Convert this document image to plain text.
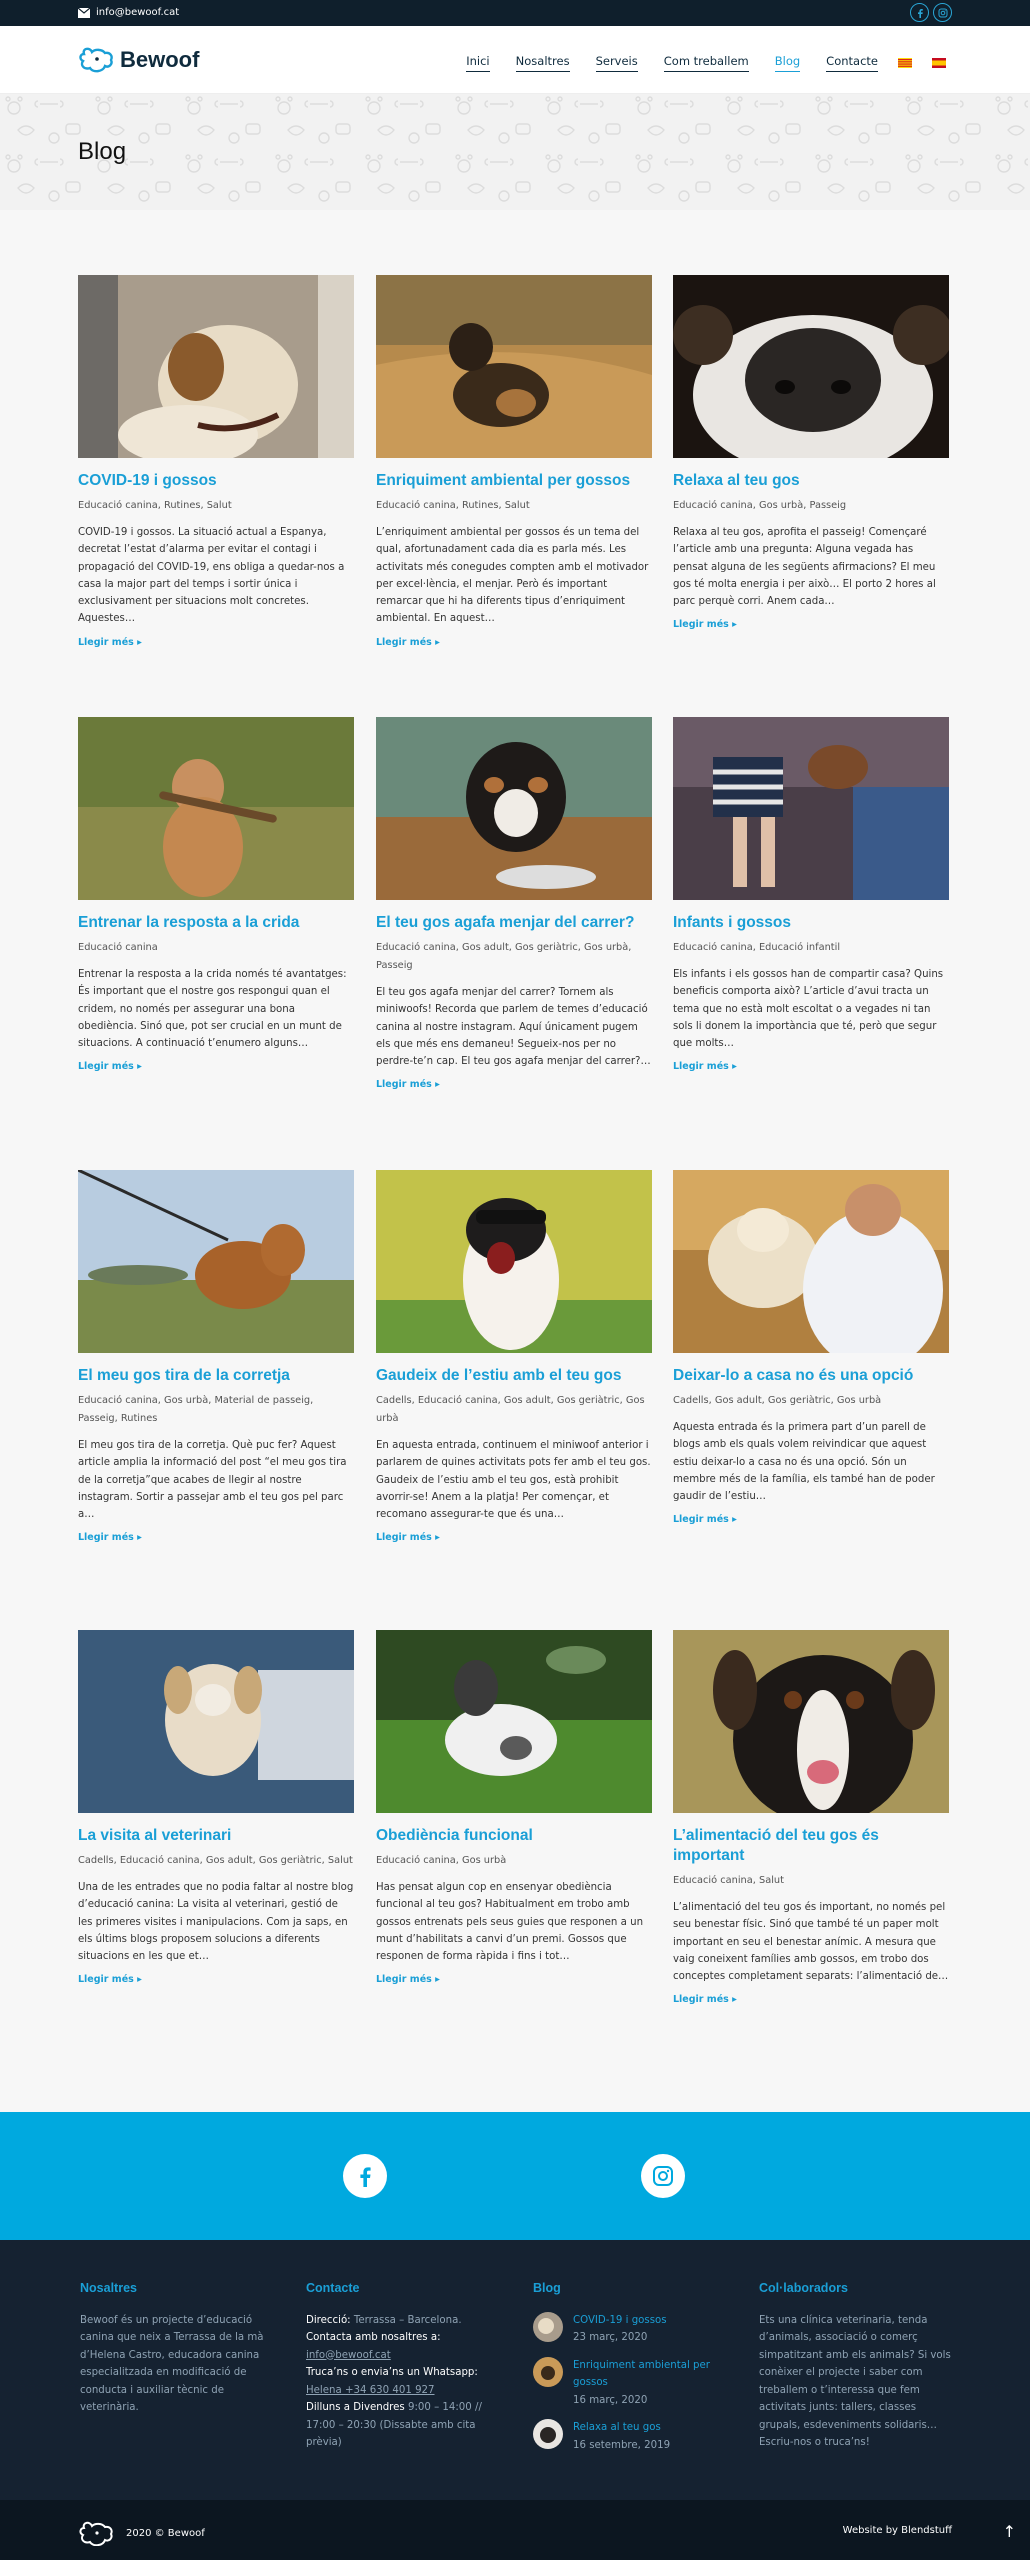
info@bewoof.cat
Bewoof	Inici Nosaltres Serveis Com treballem Blog Contacte
Blog
COVID-19 i gossos
Educació canina, Rutines, Salut
COVID-19 i gossos. La situació actual a Espanya, decretat l’estat d’alarma per evitar el contagi i propagació del COVID-19, ens obliga a quedar-nos a casa la major part del temps i sortir única i exclusivament per situacions molt concretes. Aquestes…
Llegir més ▸
Enriquiment ambiental per gossos
Educació canina, Rutines, Salut
L’enriquiment ambiental per gossos és un tema del qual, afortunadament cada dia es parla més. Les activitats més conegudes compten amb el motivador per excel·lència, el menjar. Però és important remarcar que hi ha diferents tipus d’enriquiment ambiental. En aquest…
Llegir més ▸
Relaxa al teu gos
Educació canina, Gos urbà, Passeig
Relaxa al teu gos, aprofita el passeig! Començaré l’article amb una pregunta: Alguna vegada has pensat alguna de les següents afirmacions? El meu gos té molta energia i per això… El porto 2 hores al parc perquè corri. Anem cada…
Llegir més ▸
Entrenar la resposta a la crida
Educació canina
Entrenar la resposta a la crida només té avantatges: És important que el nostre gos respongui quan el cridem, no només per assegurar una bona obediència. Sinó que, pot ser crucial en un munt de situacions. A continuació t’enumero alguns…
Llegir més ▸
El teu gos agafa menjar del carrer?
Educació canina, Gos adult, Gos geriàtric, Gos urbà, Passeig
El teu gos agafa menjar del carrer? Tornem als miniwoofs! Recorda que parlem de temes d’educació canina al nostre instagram. Aquí únicament pugem els que més ens demaneu! Segueix-nos per no perdre-te’n cap. El teu gos agafa menjar del carrer?…
Llegir més ▸
Infants i gossos
Educació canina, Educació infantil
Els infants i els gossos han de compartir casa? Quins beneficis comporta això? L’article d’avui tracta un tema que no està molt escoltat o a vegades ni tan sols li donem la importància que té, però que segur que molts…
Llegir més ▸
El meu gos tira de la corretja
Educació canina, Gos urbà, Material de passeig, Passeig, Rutines
El meu gos tira de la corretja. Què puc fer? Aquest article amplia la informació del post “el meu gos tira de la corretja”que acabes de llegir al nostre instagram. Sortir a passejar amb el teu gos pel parc a…
Llegir més ▸
Gaudeix de l’estiu amb el teu gos
Cadells, Educació canina, Gos adult, Gos geriàtric, Gos urbà
En aquesta entrada, continuem el miniwoof anterior i parlarem de quines activitats pots fer amb el teu gos. Gaudeix de l’estiu amb el teu gos, està prohibit avorrir-se! Anem a la platja! Per començar, et recomano assegurar-te que és una…
Llegir més ▸
Deixar-lo a casa no és una opció
Cadells, Gos adult, Gos geriàtric, Gos urbà
Aquesta entrada és la primera part d’un parell de blogs amb els quals volem reivindicar que aquest estiu deixar-lo a casa no és una opció. Són un membre més de la família, els també han de poder gaudir de l’estiu…
Llegir més ▸
La visita al veterinari
Cadells, Educació canina, Gos adult, Gos geriàtric, Salut
Una de les entrades que no podia faltar al nostre blog d’educació canina: La visita al veterinari, gestió de les primeres visites i manipulacions. Com ja saps, en els últims blogs proposem solucions a diferents situacions en les que et…
Llegir més ▸
Obediència funcional
Educació canina, Gos urbà
Has pensat algun cop en ensenyar obediència funcional al teu gos? Habitualment em trobo amb gossos entrenats pels seus guies que responen a un munt d’habilitats a canvi d’un premi. Gossos que responen de forma ràpida i fins i tot…
Llegir més ▸
L’alimentació del teu gos és important
Educació canina, Salut
L’alimentació del teu gos és important, no només pel seu benestar físic. Sinó que també té un paper molt important en seu el benestar anímic. A mesura que vaig coneixent famílies amb gossos, em trobo dos conceptes completament separats: l’alimentació de…
Llegir més ▸
Nosaltres
Bewoof és un projecte d’educació canina que neix a Terrassa de la mà d’Helena Castro, educadora canina especialitzada en modificació de conducta i auxiliar tècnic de veterinària.
Contacte
Direcció: Terrassa – Barcelona.
Contacta amb nosaltres a:
info@bewoof.cat
Truca’ns o envia’ns un Whatsapp:
Helena +34 630 401 927
Dilluns a Divendres 9:00 – 14:00 // 17:00 – 20:30 (Dissabte amb cita prèvia)
Blog
COVID-19 i gossos
23 març, 2020
Enriquiment ambiental per gossos
16 març, 2020
Relaxa al teu gos
16 setembre, 2019
Col·laboradors
Ets una clínica veterinaria, tenda d’animals, associació o comerç simpatitzant amb els animals? Si vols conèixer el projecte i saber com treballem o t’interessa que fem activitats junts: tallers, classes grupals, esdeveniments solidaris… Escriu-nos o truca’ns!
2020 © Bewoof	Website by Blendstuff	↑
